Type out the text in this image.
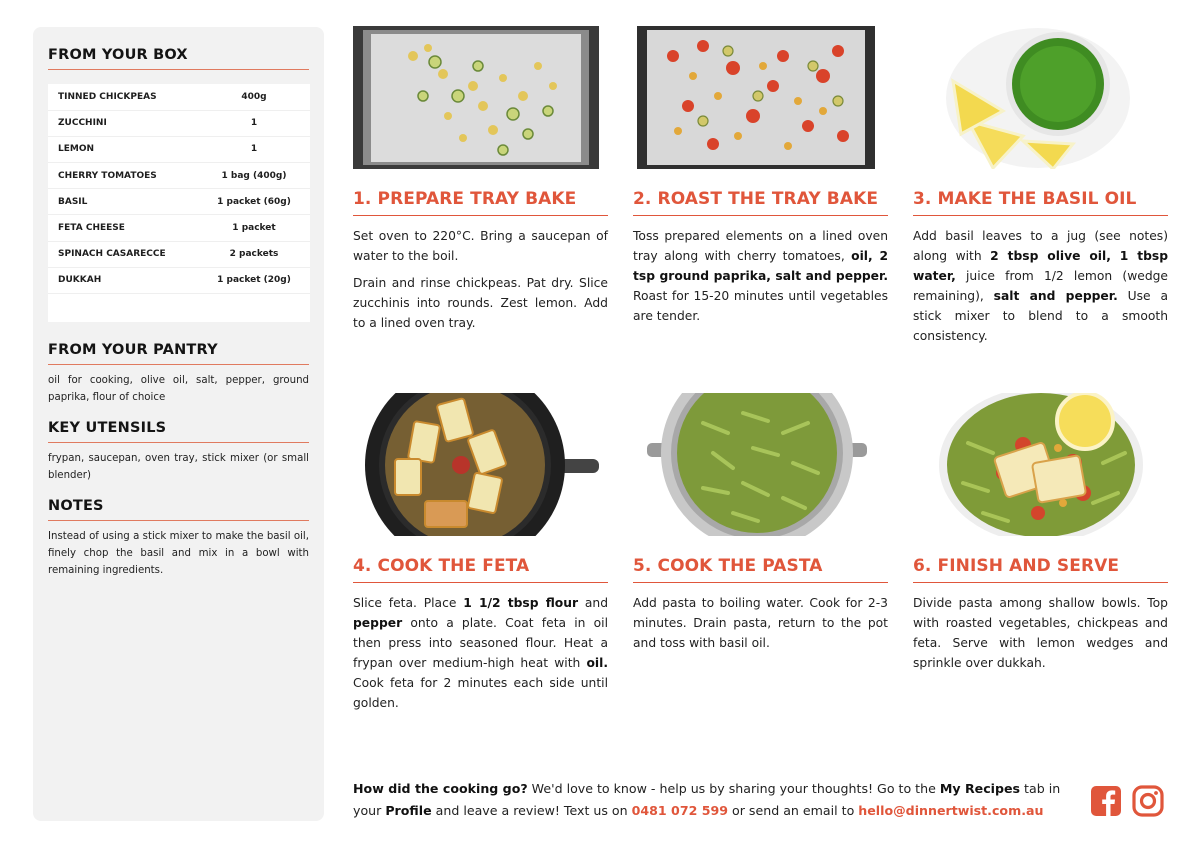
FROM YOUR BOX
TINNED CHICKPEAS	400g
ZUCCHINI	1
LEMON	1
CHERRY TOMATOES	1 bag (400g)
BASIL	1 packet (60g)
FETA CHEESE	1 packet
SPINACH CASARECCE	2 packets
DUKKAH	1 packet (20g)

FROM YOUR PANTRY
oil for cooking, olive oil, salt, pepper, ground paprika, flour of choice
KEY UTENSILS
frypan, saucepan, oven tray, stick mixer (or small blender)
NOTES
Instead of using a stick mixer to make the basil oil, finely chop the basil and mix in a bowl with remaining ingredients.
1. PREPARE TRAY BAKE

Set oven to 220°C. Bring a saucepan of water to the boil.

Drain and rinse chickpeas. Pat dry. Slice zucchinis into rounds. Zest lemon. Add to a lined oven tray.

2. ROAST THE TRAY BAKE

Toss prepared elements on a lined oven tray along with cherry tomatoes, oil, 2 tsp ground paprika, salt and pepper. Roast for 15-20 minutes until vegetables are tender.

3. MAKE THE BASIL OIL

Add basil leaves to a jug (see notes) along with 2 tbsp olive oil, 1 tbsp water, juice from 1/2 lemon (wedge remaining), salt and pepper. Use a stick mixer to blend to a smooth consistency.

4. COOK THE FETA

Slice feta. Place 1 1/2 tbsp flour and pepper onto a plate. Coat feta in oil then press into seasoned flour. Heat a frypan over medium-high heat with oil. Cook feta for 2 minutes each side until golden.

5. COOK THE PASTA

Add pasta to boiling water. Cook for 2-3 minutes. Drain pasta, return to the pot and toss with basil oil.

6. FINISH AND SERVE

Divide pasta among shallow bowls. Top with roasted vegetables, chickpeas and feta. Serve with lemon wedges and sprinkle over dukkah.

How did the cooking go? We'd love to know - help us by sharing your thoughts! Go to the My Recipes tab in your Profile and leave a review! Text us on 0481 072 599 or send an email to hello@dinnertwist.com.au
